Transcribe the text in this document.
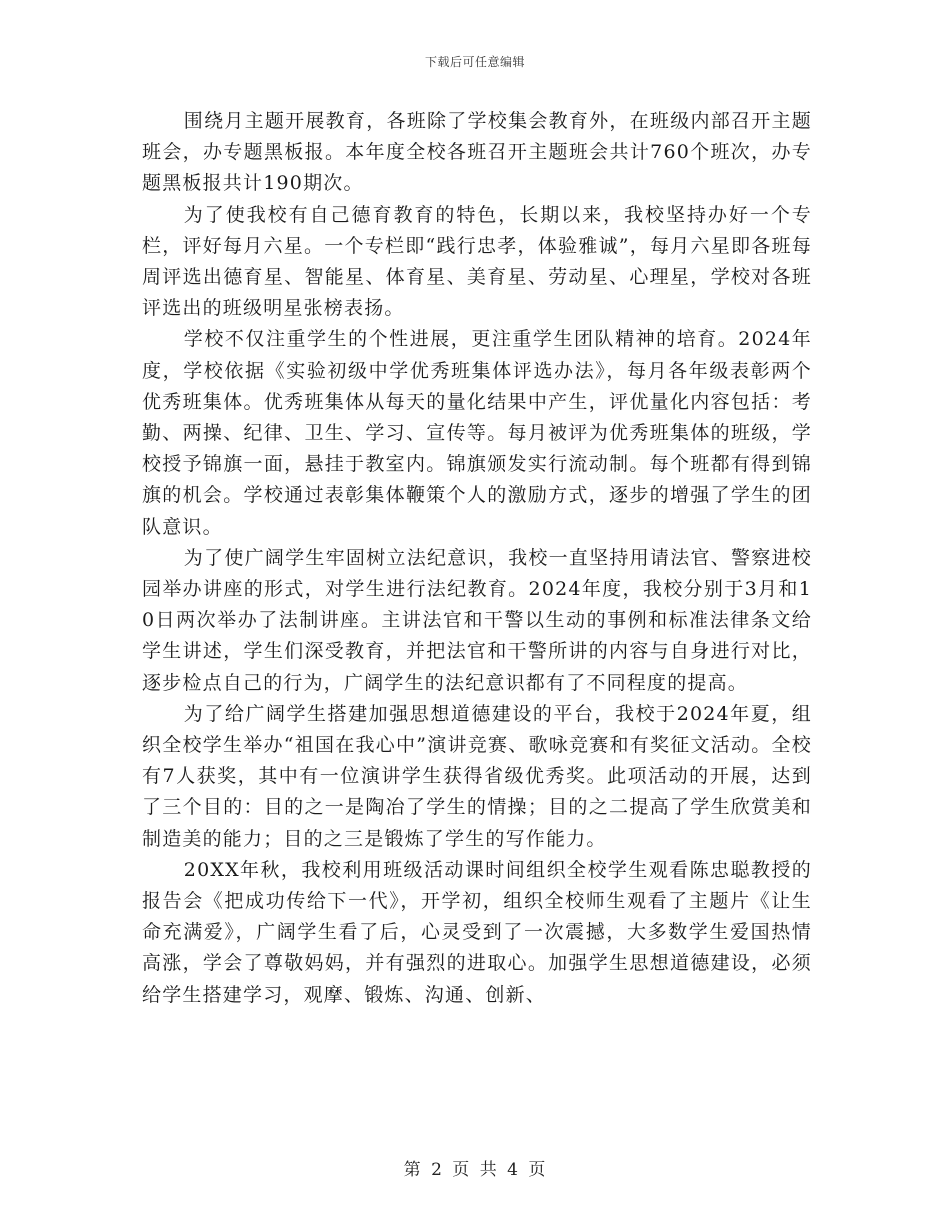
下载后可任意编辑

围绕月主题开展教育，各班除了学校集会教育外，在班级内部召开主题班会，办专题黑板报。本年度全校各班召开主题班会共计760个班次，办专题黑板报共计190期次。

为了使我校有自己德育教育的特色，长期以来，我校坚持办好一个专栏，评好每月六星。一个专栏即“践行忠孝，体验雅诚”，每月六星即各班每周评选出德育星、智能星、体育星、美育星、劳动星、心理星，学校对各班评选出的班级明星张榜表扬。

学校不仅注重学生的个性进展，更注重学生团队精神的培育。2024年度，学校依据《实验初级中学优秀班集体评选办法》，每月各年级表彰两个优秀班集体。优秀班集体从每天的量化结果中产生，评优量化内容包括：考勤、两操、纪律、卫生、学习、宣传等。每月被评为优秀班集体的班级，学校授予锦旗一面，悬挂于教室内。锦旗颁发实行流动制。每个班都有得到锦旗的机会。学校通过表彰集体鞭策个人的激励方式，逐步的增强了学生的团队意识。

为了使广阔学生牢固树立法纪意识，我校一直坚持用请法官、警察进校园举办讲座的形式，对学生进行法纪教育。2024年度，我校分别于3月和10日两次举办了法制讲座。主讲法官和干警以生动的事例和标准法律条文给学生讲述，学生们深受教育，并把法官和干警所讲的内容与自身进行对比，逐步检点自己的行为，广阔学生的法纪意识都有了不同程度的提高。

为了给广阔学生搭建加强思想道德建设的平台，我校于2024年夏，组织全校学生举办“祖国在我心中”演讲竞赛、歌咏竞赛和有奖征文活动。全校有7人获奖，其中有一位演讲学生获得省级优秀奖。此项活动的开展，达到了三个目的：目的之一是陶冶了学生的情操；目的之二提高了学生欣赏美和制造美的能力；目的之三是锻炼了学生的写作能力。

20XX年秋，我校利用班级活动课时间组织全校学生观看陈忠聪教授的报告会《把成功传给下一代》，开学初，组织全校师生观看了主题片《让生命充满爱》，广阔学生看了后，心灵受到了一次震撼，大多数学生爱国热情高涨，学会了尊敬妈妈，并有强烈的进取心。加强学生思想道德建设，必须给学生搭建学习，观摩、锻炼、沟通、创新、

第 2 页 共 4 页
